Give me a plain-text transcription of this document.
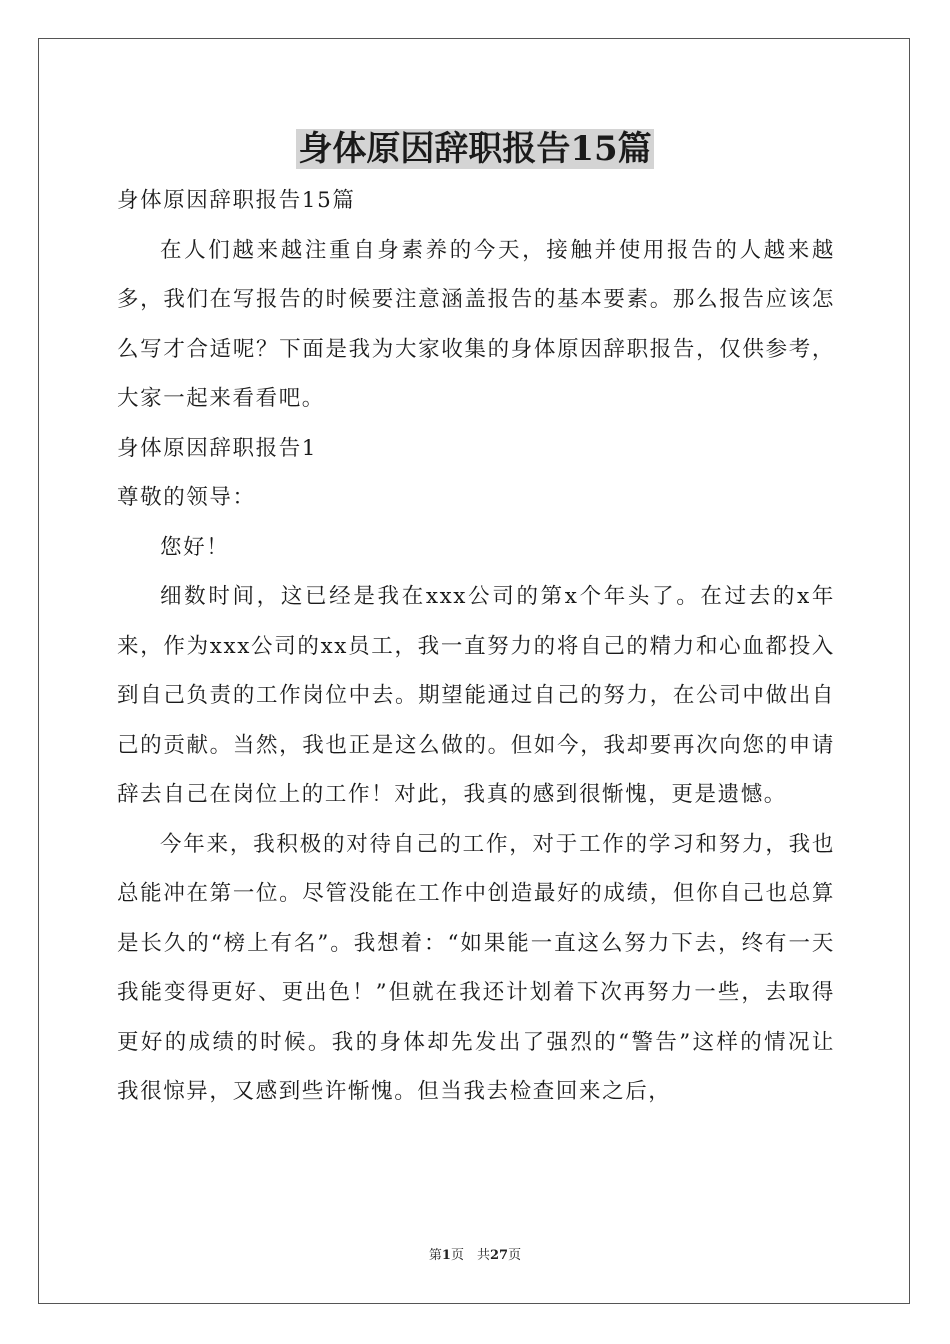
身体原因辞职报告15篇

身体原因辞职报告15篇

在人们越来越注重自身素养的今天，接触并使用报告的人越来越多，我们在写报告的时候要注意涵盖报告的基本要素。那么报告应该怎么写才合适呢？下面是我为大家收集的身体原因辞职报告，仅供参考，大家一起来看看吧。

身体原因辞职报告1

尊敬的领导：

您好！

细数时间，这已经是我在xxx公司的第x个年头了。在过去的x年来，作为xxx公司的xx员工，我一直努力的将自己的精力和心血都投入到自己负责的工作岗位中去。期望能通过自己的努力，在公司中做出自己的贡献。当然，我也正是这么做的。但如今，我却要再次向您的申请辞去自己在岗位上的工作！对此，我真的感到很惭愧，更是遗憾。

今年来，我积极的对待自己的工作，对于工作的学习和努力，我也总能冲在第一位。尽管没能在工作中创造最好的成绩，但你自己也总算是长久的“榜上有名”。我想着：“如果能一直这么努力下去，终有一天我能变得更好、更出色！”但就在我还计划着下次再努力一些，去取得更好的成绩的时候。我的身体却先发出了强烈的“警告”这样的情况让我很惊异，又感到些许惭愧。但当我去检查回来之后，

第1页　共27页
